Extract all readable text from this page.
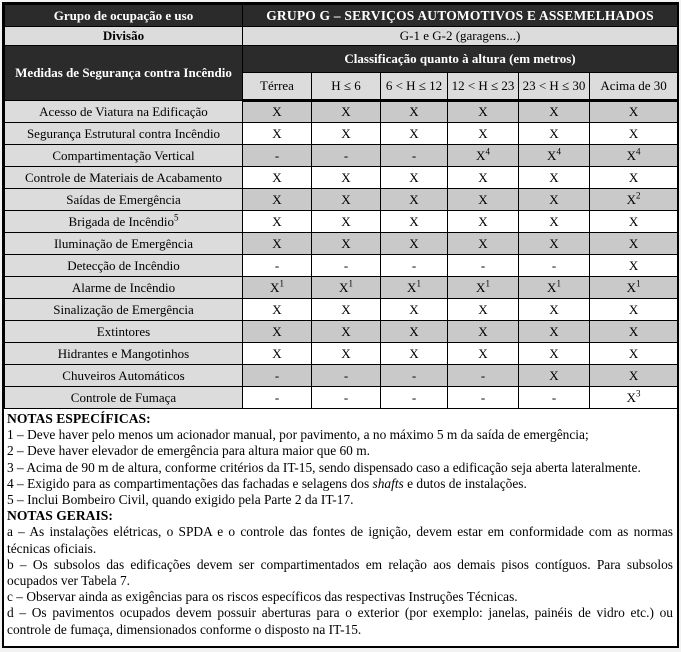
Grupo de ocupação e uso	GRUPO G – SERVIÇOS AUTOMOTIVOS E ASSEMELHADOS					
Divisão	G-1 e G-2 (garagens...)					
Medidas de Segurança contra Incêndio	Classificação quanto à altura (em metros)					
	Térrea	H ≤ 6	6 < H ≤ 12	12 < H ≤ 23	23 < H ≤ 30	Acima de 30
Acesso de Viatura na Edificação	X	X	X	X	X	X
Segurança Estrutural contra Incêndio	X	X	X	X	X	X
Compartimentação Vertical	-	-	-	$X^4$	$X^4$	$X^4$
Controle de Materiais de Acabamento	X	X	X	X	X	X
Saídas de Emergência	X	X	X	X	X	$X^2$
Brigada de Incêndio$^5$	X	X	X	X	X	X
Iluminação de Emergência	X	X	X	X	X	X
Detecção de Incêndio	-	-	-	-	-	X
Alarme de Incêndio	$X^1$	$X^1$	$X^1$	$X^1$	$X^1$	$X^1$
Sinalização de Emergência	X	X	X	X	X	X
Extintores	X	X	X	X	X	X
Hidrantes e Mangotinhos	X	X	X	X	X	X
Chuveiros Automáticos	-	-	-	-	X	X
Controle de Fumaça	-	-	-	-	-	$X^3$
NOTAS ESPECÍFICAS:
1 – Deve haver pelo menos um acionador manual, por pavimento, a no máximo 5 m da saída de emergência;
2 – Deve haver elevador de emergência para altura maior que 60 m.
3 – Acima de 90 m de altura, conforme critérios da IT-15, sendo dispensado caso a edificação seja aberta lateralmente.
4 – Exigido para as compartimentações das fachadas e selagens dos shafts e dutos de instalações.
5 – Inclui Bombeiro Civil, quando exigido pela Parte 2 da IT-17.
NOTAS GERAIS:
a – As instalações elétricas, o SPDA e o controle das fontes de ignição, devem estar em conformidade com as normas técnicas oficiais.
b – Os subsolos das edificações devem ser compartimentados em relação aos demais pisos contíguos. Para subsolos ocupados ver Tabela 7.
c – Observar ainda as exigências para os riscos específicos das respectivas Instruções Técnicas.
d – Os pavimentos ocupados devem possuir aberturas para o exterior (por exemplo: janelas, painéis de vidro etc.) ou controle de fumaça, dimensionados conforme o disposto na IT-15.
